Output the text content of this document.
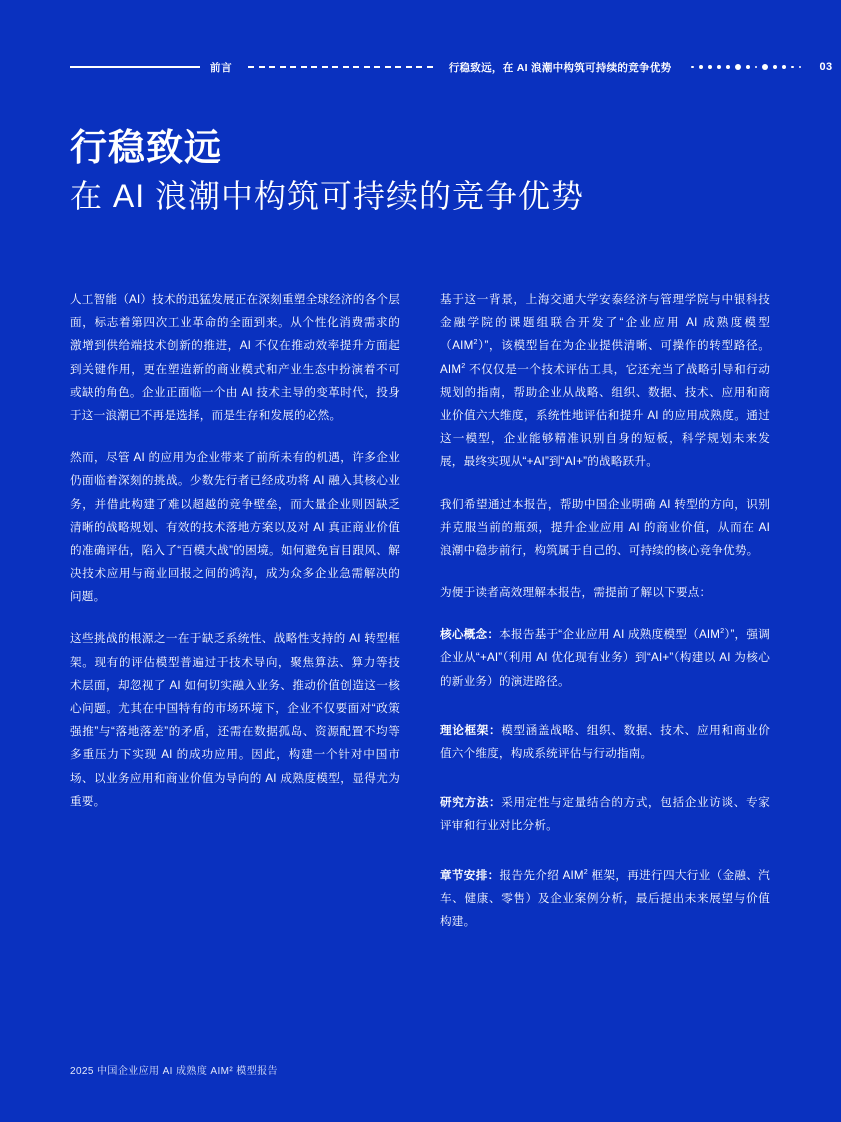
前言	行稳致远，在 AI 浪潮中构筑可持续的竞争优势	03
行稳致远
在 AI 浪潮中构筑可持续的竞争优势

人工智能（AI）技术的迅猛发展正在深刻重塑全球经济的各个层面，标志着第四次工业革命的全面到来。从个性化消费需求的激增到供给端技术创新的推进，AI 不仅在推动效率提升方面起到关键作用，更在塑造新的商业模式和产业生态中扮演着不可或缺的角色。企业正面临一个由 AI 技术主导的变革时代，投身于这一浪潮已不再是选择，而是生存和发展的必然。

然而，尽管 AI 的应用为企业带来了前所未有的机遇，许多企业仍面临着深刻的挑战。少数先行者已经成功将 AI 融入其核心业务，并借此构建了难以超越的竞争壁垒，而大量企业则因缺乏清晰的战略规划、有效的技术落地方案以及对 AI 真正商业价值的准确评估，陷入了“百模大战”的困境。如何避免盲目跟风、解决技术应用与商业回报之间的鸿沟，成为众多企业急需解决的问题。

这些挑战的根源之一在于缺乏系统性、战略性支持的 AI 转型框架。现有的评估模型普遍过于技术导向，聚焦算法、算力等技术层面，却忽视了 AI 如何切实融入业务、推动价值创造这一核心问题。尤其在中国特有的市场环境下，企业不仅要面对“政策强推”与“落地落差”的矛盾，还需在数据孤岛、资源配置不均等多重压力下实现 AI 的成功应用。因此，构建一个针对中国市场、以业务应用和商业价值为导向的 AI 成熟度模型，显得尤为重要。

基于这一背景，上海交通大学安泰经济与管理学院与中银科技金融学院的课题组联合开发了“企业应用 AI 成熟度模型（AIM$^2$）”，该模型旨在为企业提供清晰、可操作的转型路径。AIM$^2$ 不仅仅是一个技术评估工具，它还充当了战略引导和行动规划的指南，帮助企业从战略、组织、数据、技术、应用和商业价值六大维度，系统性地评估和提升 AI 的应用成熟度。通过这一模型，企业能够精准识别自身的短板，科学规划未来发展，最终实现从“+AI”到“AI+”的战略跃升。

我们希望通过本报告，帮助中国企业明确 AI 转型的方向，识别并克服当前的瓶颈，提升企业应用 AI 的商业价值，从而在 AI 浪潮中稳步前行，构筑属于自己的、可持续的核心竞争优势。

为便于读者高效理解本报告，需提前了解以下要点：

核心概念：本报告基于“企业应用 AI 成熟度模型（AIM$^2$）”，强调企业从“+AI”（利用 AI 优化现有业务）到“AI+”（构建以 AI 为核心的新业务）的演进路径。

理论框架：模型涵盖战略、组织、数据、技术、应用和商业价值六个维度，构成系统评估与行动指南。

研究方法：采用定性与定量结合的方式，包括企业访谈、专家评审和行业对比分析。

章节安排：报告先介绍 AIM$^2$ 框架，再进行四大行业（金融、汽车、健康、零售）及企业案例分析，最后提出未来展望与价值构建。

2025 中国企业应用 AI 成熟度 AIM² 模型报告
